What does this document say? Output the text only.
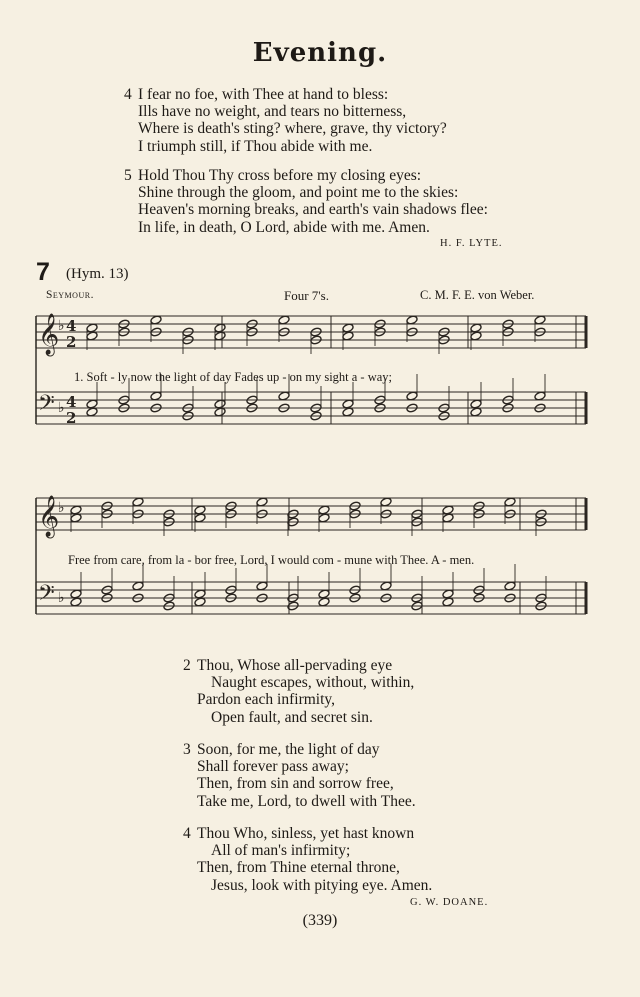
Evening.
4 I fear no foe, with Thee at hand to bless:
Ills have no weight, and tears no bitterness,
Where is death's sting? where, grave, thy victory?
I triumph still, if Thou abide with me.
5 Hold Thou Thy cross before my closing eyes:
Shine through the gloom, and point me to the skies:
Heaven's morning breaks, and earth's vain shadows flee:
In life, in death, O Lord, abide with me. Amen.
H. F. LYTE.
7 (Hym. 13)
Seymour.	Four 7's.	C. M. F. E. von Weber.
𝄞
♭ 4
2
𝄢 ♭ 4
2
𝄞
♭
𝄢 ♭
1. Soft - ly now the light of day Fades up - on my sight a - way;
Free from care, from la - bor free, Lord, I would com - mune with Thee. A - men.
2 Thou, Whose all-pervading eye
Naught escapes, without, within,
Pardon each infirmity,
Open fault, and secret sin.
3 Soon, for me, the light of day
Shall forever pass away;
Then, from sin and sorrow free,
Take me, Lord, to dwell with Thee.
4 Thou Who, sinless, yet hast known
All of man's infirmity;
Then, from Thine eternal throne,
Jesus, look with pitying eye. Amen.
G. W. DOANE.
(339)
